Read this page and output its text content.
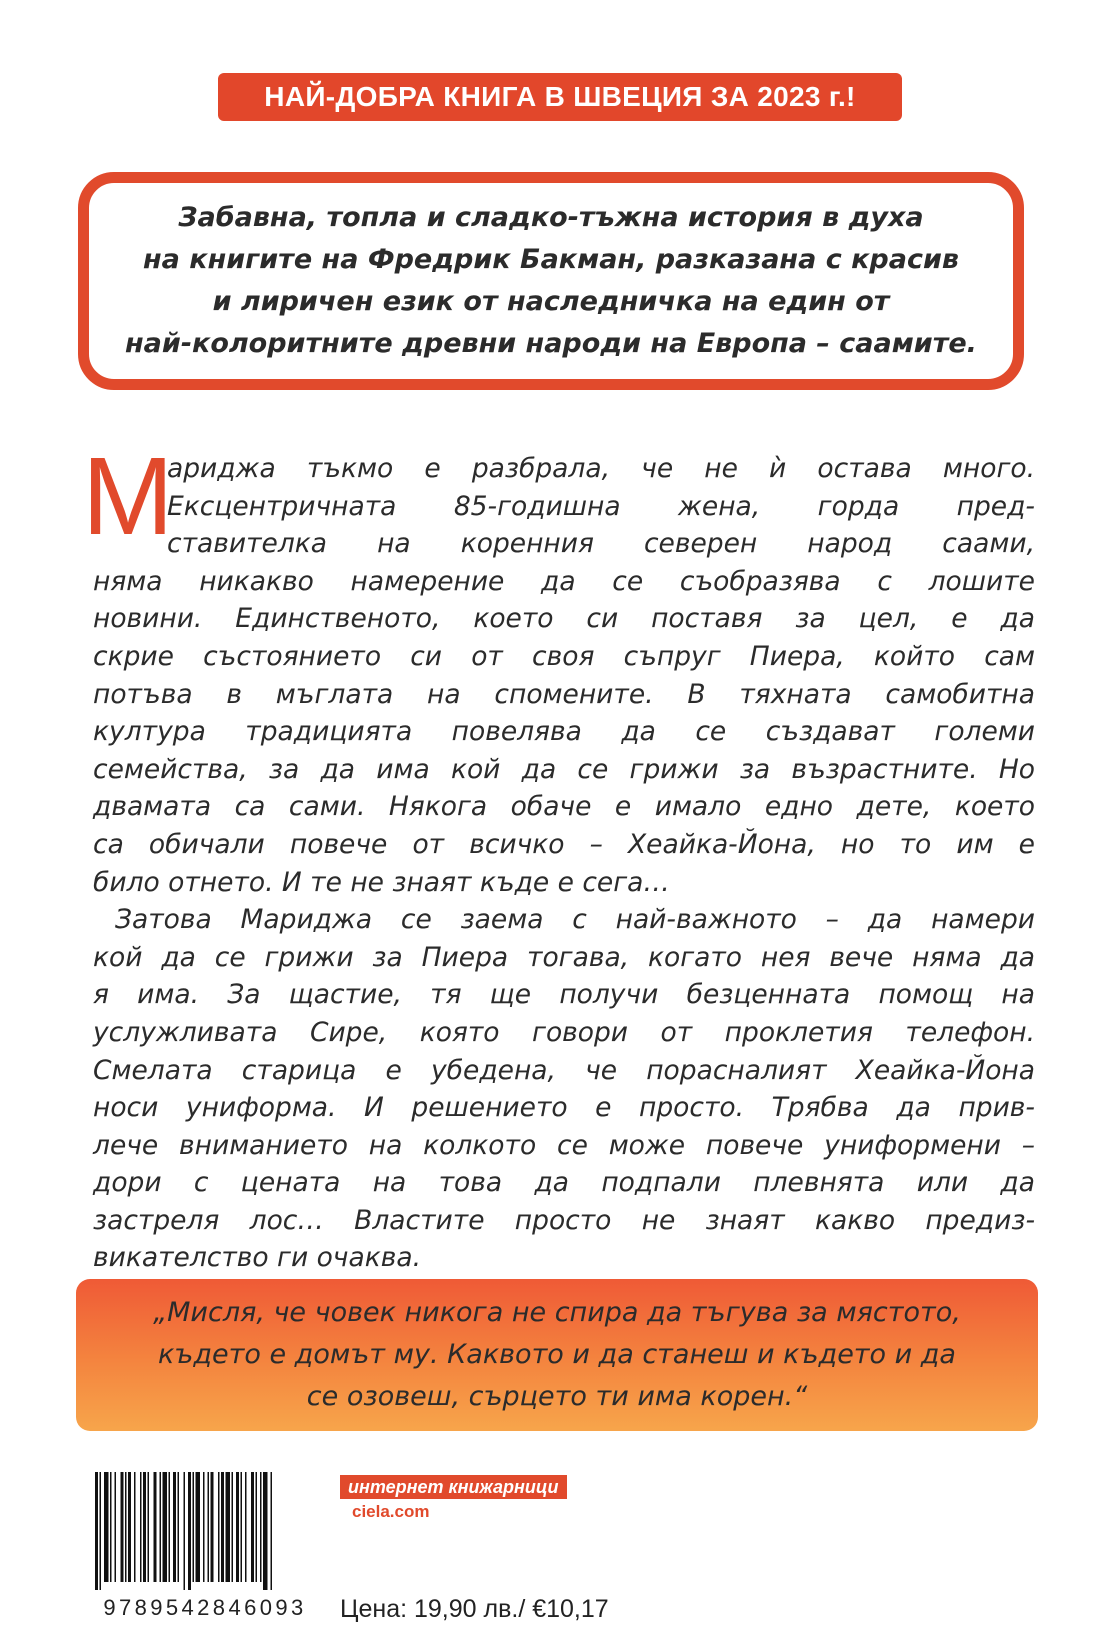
НАЙ-ДОБРА КНИГА В ШВЕЦИЯ ЗА 2023 г.!

Забавна, топла и сладко-тъжна история в духа
на книгите на Фредрик Бакман, разказана с красив
и лиричен език от наследничка на един от
най-колоритните древни народи на Европа – саамите.

М
ариджа тъкмо е разбрала, че не ѝ остава много.
Ексцентричната 85-годишна жена, горда пред-
ставителка на коренния северен народ саами,
няма никакво намерение да се съобразява с лошите
новини. Единственото, което си поставя за цел, е да
скрие състоянието си от своя съпруг Пиера, който сам
потъва в мъглата на спомените. В тяхната самобитна
култура традицията повелява да се създават големи
семейства, за да има кой да се грижи за възрастните. Но
двамата са сами. Някога обаче е имало едно дете, което
са обичали повече от всичко – Хеайка-Йона, но то им е
било отнето. И те не знаят къде е сега…
Затова Мариджа се заема с най-важното – да намери
кой да се грижи за Пиера тогава, когато нея вече няма да
я има. За щастие, тя ще получи безценната помощ на
услужливата Сире, която говори от проклетия телефон.
Смелата старица е убедена, че порасналият Хеайка-Йона
носи униформа. И решението е просто. Трябва да прив-
лече вниманието на колкото се може повече униформени –
дори с цената на това да подпали плевнята или да
застреля лос… Властите просто не знаят какво предиз-
викателство ги очаква.

„Мисля, че човек никога не спира да тъгува за мястото,
където е домът му. Каквото и да станеш и където и да
се озовеш, сърцето ти има корен.“

9789542846093
интернет книжарници
ciela.com
Цена: 19,90 лв./ €10,17
